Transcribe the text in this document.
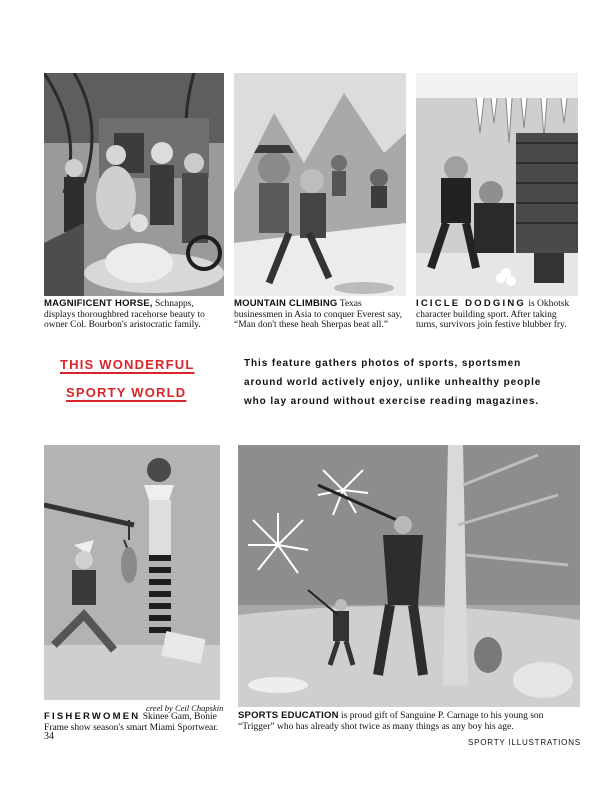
MAGNIFICENT HORSE, Schnapps, displays thoroughbred racehorse beauty to owner Col. Bourbon's aristocratic family.
MOUNTAIN CLIMBING Texas businessmen in Asia to conquer Everest say, “Man don't these heah Sherpas beat all.”
ICICLE DODGING is Okhotsk character building sport. After taking turns, survivors join festive blubber fry.
THIS WONDERFUL
SPORTY WORLD
This feature gathers photos of sports, sportsmen
around world actively enjoy, unlike unhealthy people
who lay around without exercise reading magazines.
creel by Ceil Chapskin
FISHERWOMEN Skinee Gam, Bonie Frame show season's smart Miami Sportwear.
SPORTS EDUCATION is proud gift of Sanguine P. Carnage to his young son “Trigger” who has already shot twice as many things as any boy his age.
34
SPORTY ILLUSTRATIONS
